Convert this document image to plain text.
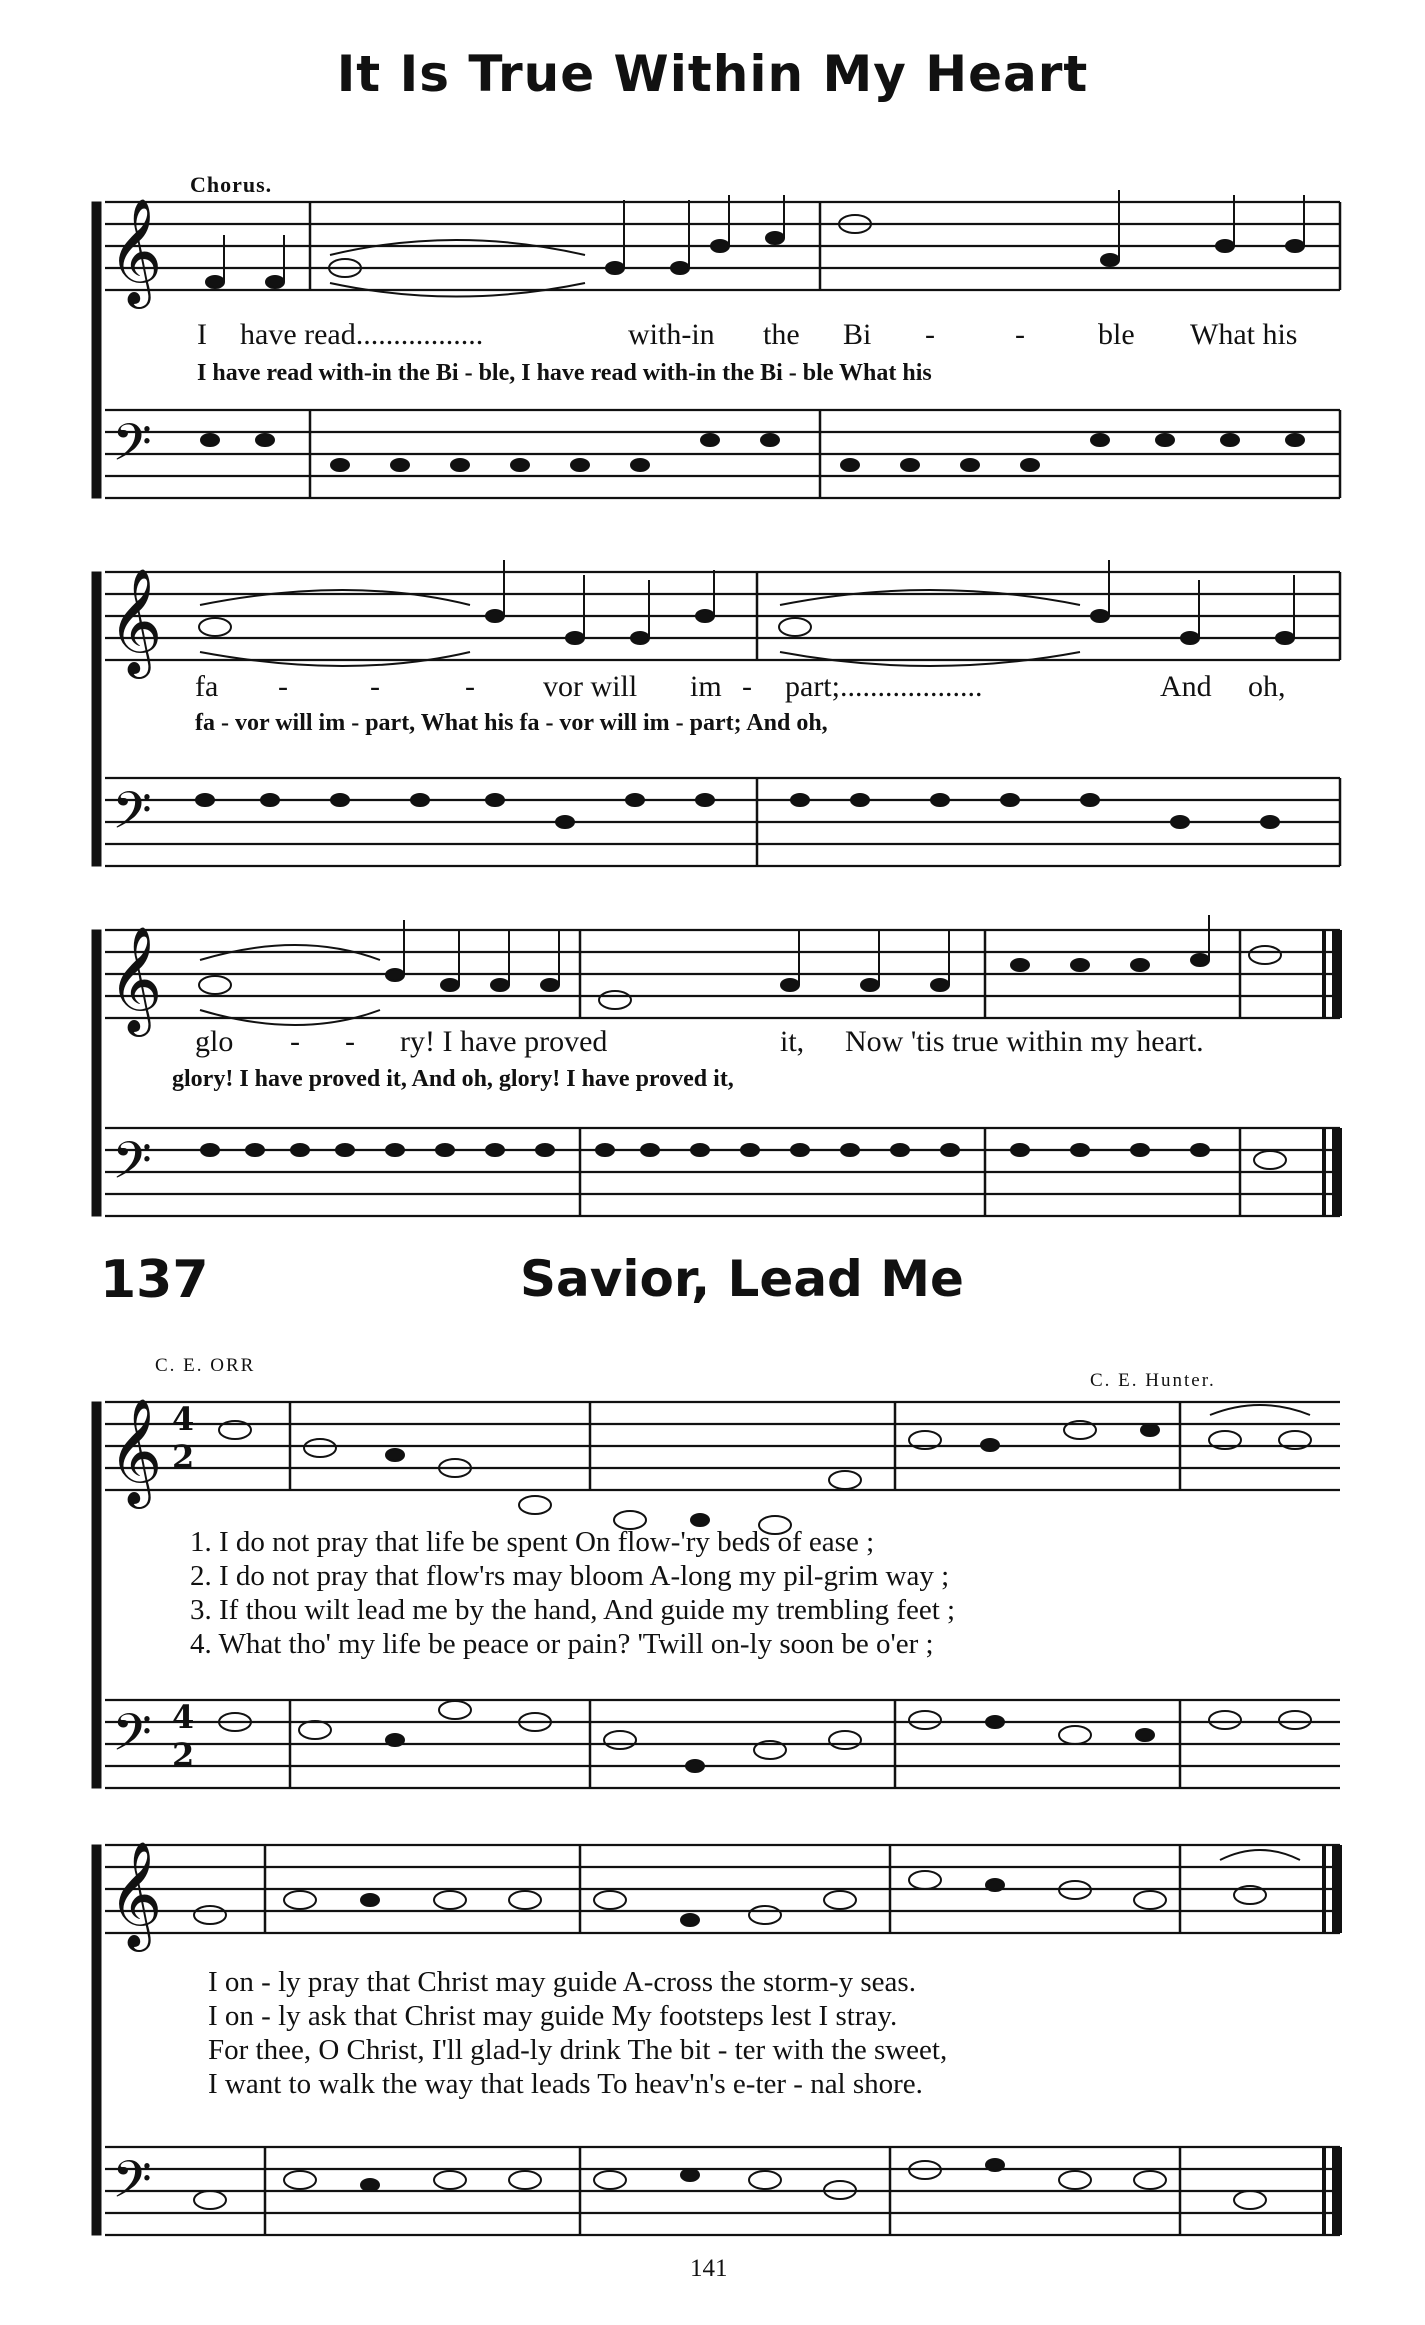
It Is True Within My Heart
Chorus.
𝄞
𝄞
𝄞
𝄞
𝄞
𝄢
𝄢
𝄢
𝄢
𝄢
4
2
4
2
I have read.................	with-in the Bi -	- ble What his
I have read with-in the Bi - ble, I have read with-in the Bi - ble What his
fa -	-	- vor will im - part;...................	And oh,
fa - vor will im - part, What his fa - vor will im - part; And oh,
glo - - ry! I have proved	it, Now 'tis true within my heart.
glory! I have proved it, And oh, glory! I have proved it,
137	Savior, Lead Me
C. E. ORR
C. E. Hunter.
1. I do not pray that life be spent On flow-'ry beds of ease ;
2. I do not pray that flow'rs may bloom A-long my pil-grim way ;
3. If thou wilt lead me by the hand, And guide my trembling feet ;
4. What tho' my life be peace or pain? 'Twill on-ly soon be o'er ;
I on - ly pray that Christ may guide A-cross the storm-y seas.
I on - ly ask that Christ may guide My footsteps lest I stray.
For thee, O Christ, I'll glad-ly drink The bit - ter with the sweet,
I want to walk the way that leads To heav'n's e-ter - nal shore.
141
